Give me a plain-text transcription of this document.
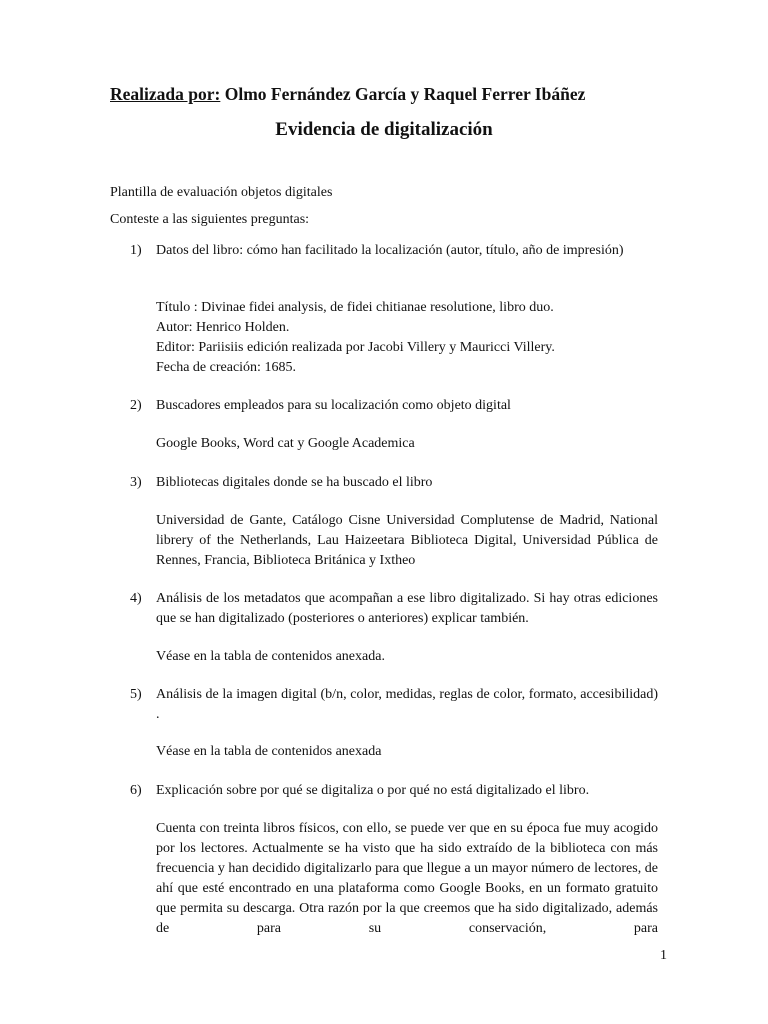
Realizada por: Olmo Fernández García y Raquel Ferrer Ibáñez
Evidencia de digitalización
Plantilla de evaluación objetos digitales
Conteste a las siguientes preguntas:
1) Datos del libro: cómo han facilitado la localización (autor, título, año de impresión)
Título : Divinae fidei analysis, de fidei chitianae resolutione, libro duo.
Autor: Henrico Holden.
Editor: Pariisiis edición realizada por Jacobi Villery y Mauricci Villery.
Fecha de creación: 1685.
2) Buscadores empleados para su localización como objeto digital
Google Books, Word cat y Google Academica
3) Bibliotecas digitales donde se ha buscado el libro
Universidad de Gante, Catálogo Cisne Universidad Complutense de Madrid, National librery of the Netherlands, Lau Haizeetara Biblioteca Digital, Universidad Pública de Rennes, Francia, Biblioteca Británica y Ixtheo
4) Análisis de los metadatos que acompañan a ese libro digitalizado. Si hay otras ediciones que se han digitalizado (posteriores o anteriores) explicar también.
Véase en la tabla de contenidos anexada.
5) Análisis de la imagen digital (b/n, color, medidas, reglas de color, formato, accesibilidad) .
Véase en la tabla de contenidos anexada
6) Explicación sobre por qué se digitaliza o por qué no está digitalizado el libro.
Cuenta con treinta libros físicos, con ello, se puede ver que en su época fue muy acogido por los lectores. Actualmente se ha visto que ha sido extraído de la biblioteca con más frecuencia y han decidido digitalizarlo para que llegue a un mayor número de lectores, de ahí que esté encontrado en una plataforma como Google Books, en un formato gratuito que permita su descarga. Otra razón por la que creemos que ha sido digitalizado, además de para su conservación, para
1
